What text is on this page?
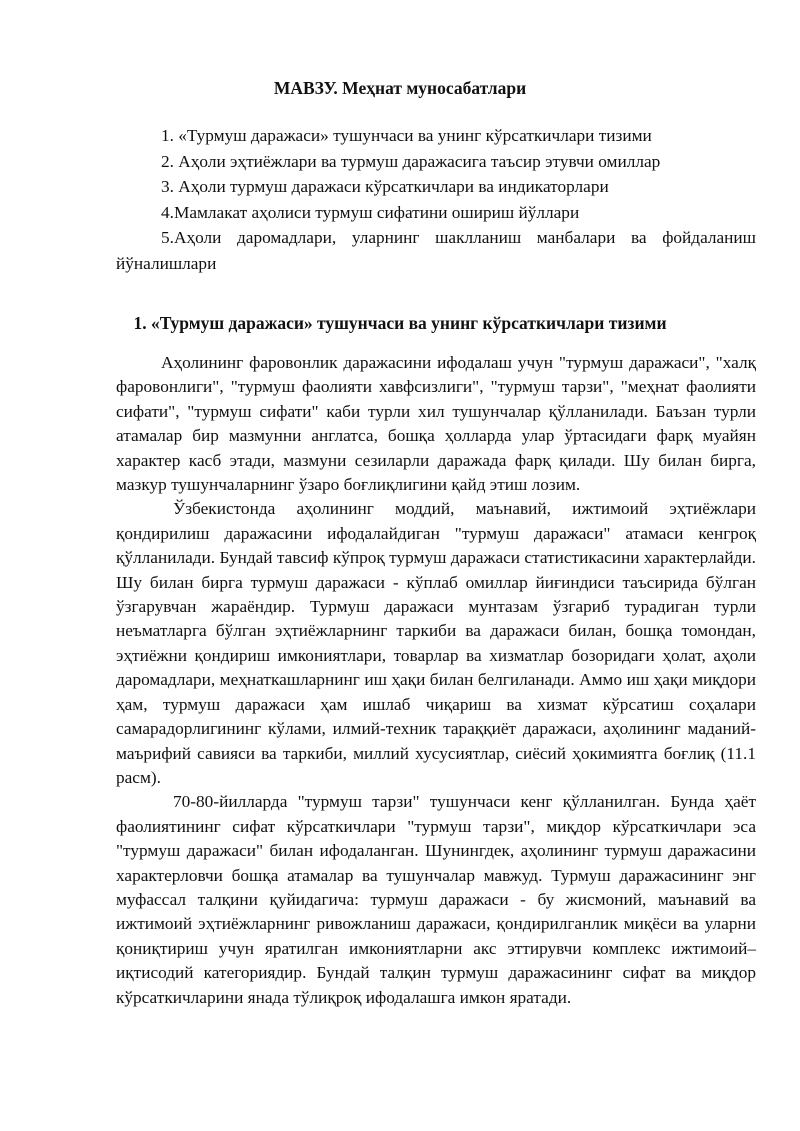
МАВЗУ. Меҳнат муносабатлари
1. «Турмуш даражаси» тушунчаси ва унинг кўрсаткичлари тизими
2. Аҳоли эҳтиёжлари ва турмуш даражасига таъсир этувчи омиллар
3. Аҳоли турмуш даражаси кўрсаткичлари ва индикаторлари
4.Мамлакат аҳолиси турмуш сифатини ошириш йўллари

5.Аҳоли даромадлари, уларнинг шаклланиш манбалари ва фойдаланиш йўналишлари

1. «Турмуш даражаси» тушунчаси ва унинг кўрсаткичлари тизими

Аҳолининг фаровонлик даражасини ифодалаш учун "турмуш даражаси", "халқ фаровонлиги", "турмуш фаолияти хавфсизлиги", "турмуш тарзи", "меҳнат фаолияти сифати", "турмуш сифати" каби турли хил тушунчалар қўлланилади. Баъзан турли атамалар бир мазмунни англатса, бошқа ҳолларда улар ўртасидаги фарқ муайян характер касб этади, мазмуни сезиларли даражада фарқ қилади. Шу билан бирга, мазкур тушунчаларнинг ўзаро боғлиқлигини қайд этиш лозим.

Ўзбекистонда аҳолининг моддий, маънавий, ижтимоий эҳтиёжлари қондирилиш даражасини ифодалайдиган "турмуш даражаси" атамаси кенгроқ қўлланилади. Бундай тавсиф кўпроқ турмуш даражаси статистикасини характерлайди. Шу билан бирга турмуш даражаси - кўплаб омиллар йиғиндиси таъсирида бўлган ўзгарувчан жараёндир. Турмуш даражаси мунтазам ўзгариб турадиган турли неъматларга бўлган эҳтиёжларнинг таркиби ва даражаси билан, бошқа томондан, эҳтиёжни қондириш имкониятлари, товарлар ва хизматлар бозоридаги ҳолат, аҳоли даромадлари, меҳнаткашларнинг иш ҳақи билан белгиланади. Аммо иш ҳақи миқдори ҳам, турмуш даражаси ҳам ишлаб чиқариш ва хизмат кўрсатиш соҳалари самарадорлигининг кўлами, илмий-техник тараққиёт даражаси, аҳолининг маданий-маърифий савияси ва таркиби, миллий хусусиятлар, сиёсий ҳокимиятга боғлиқ (11.1 расм).

70-80-йилларда "турмуш тарзи" тушунчаси кенг қўлланилган. Бунда ҳаёт фаолиятининг сифат кўрсаткичлари "турмуш тарзи", миқдор кўрсаткичлари эса "турмуш даражаси" билан ифодаланган. Шунингдек, аҳолининг турмуш даражасини характерловчи бошқа атамалар ва тушунчалар мавжуд. Турмуш даражасининг энг муфассал талқини қуйидагича: турмуш даражаси - бу жисмоний, маънавий ва ижтимоий эҳтиёжларнинг ривожланиш даражаси, қондирилганлик миқёси ва уларни қониқтириш учун яратилган имкониятларни акс эттирувчи комплекс ижтимоий–иқтисодий категориядир. Бундай талқин турмуш даражасининг сифат ва миқдор кўрсаткичларини янада тўлиқроқ ифодалашга имкон яратади.
